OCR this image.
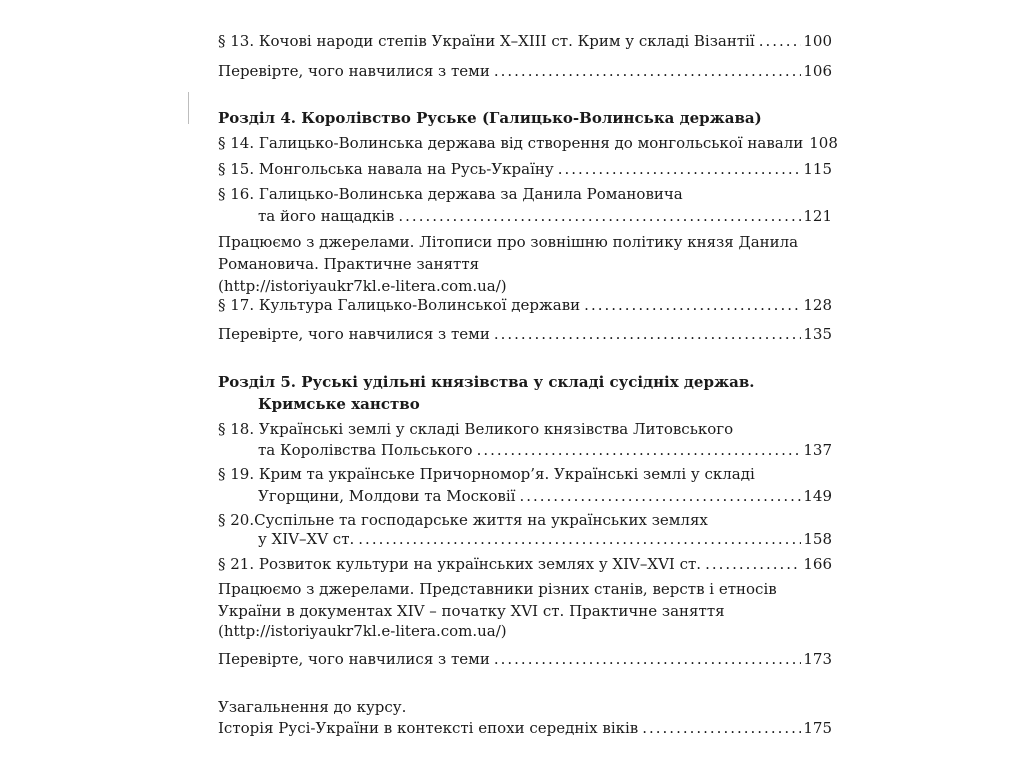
§ 13. Кочові народи степів України X–XIII ст. Крим у складі Візантії .....	100
Перевірте, чого навчилися з теми .....	106
Розділ 4. Королівство Руське (Галицько-Волинська держава)
§ 14. Галицько-Волинська держава від створення до монгольської навали 108
§ 15. Монгольська навала на Русь-Україну .....	115
§ 16. Галицько-Волинська держава за Данила Романовича
та його нащадків .....	121
Працюємо з джерелами. Літописи про зовнішню політику князя Данила
Романовича. Практичне заняття
(http://istoriyaukr7kl.e-litera.com.ua/)
§ 17. Культура Галицько-Волинської держави .....	128
Перевірте, чого навчилися з теми .....	135
Розділ 5. Руські удільні князівства у складі сусідніх держав.
Кримське ханство
§ 18. Українські землі у складі Великого князівства Литовського
та Королівства Польського .....	137
§ 19. Крим та українське Причорномор’я. Українські землі у складі
Угорщини, Молдови та Московії .....	149
§ 20.Суспільне та господарське життя на українських землях
у XIV–XV ст. .....	158
§ 21. Розвиток культури на українських землях у XIV–XVI ст. .....	166
Працюємо з джерелами. Представники різних станів, верств і етносів
України в документах XIV – початку XVI ст. Практичне заняття
(http://istoriyaukr7kl.e-litera.com.ua/)
Перевірте, чого навчилися з теми .....	173
Узагальнення до курсу.
Історія Русі-України в контексті епохи середніх віків .....	175
